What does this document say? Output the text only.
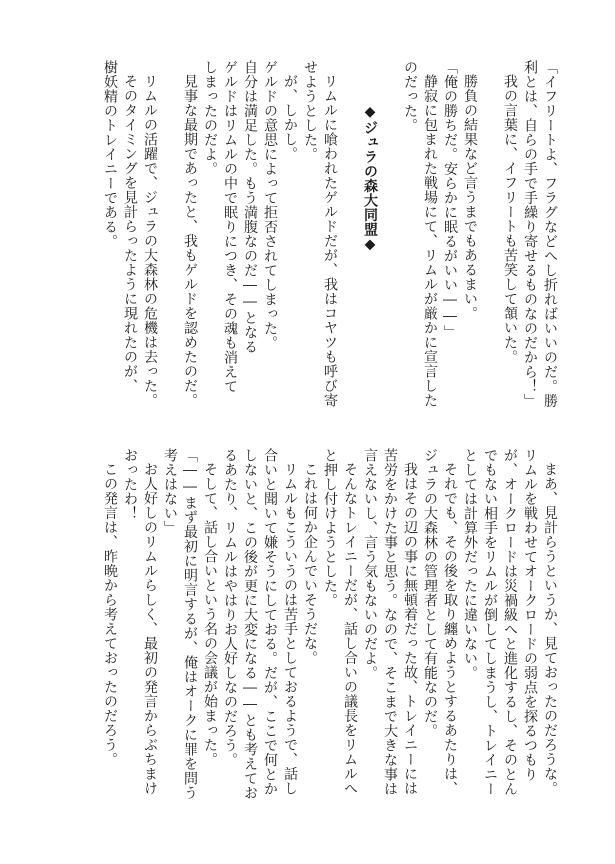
「イフリートよ、フラグなどへし折ればいいのだ。勝
利とは、自らの手で手繰り寄せるものなのだから！」
我の言葉に、イフリートも苦笑して頷いた。

勝負の結果など言うまでもあるまい。
「俺の勝ちだ。安らかに眠るがいい――」
静寂に包まれた戦場にて、リムルが厳かに宣言した
のだった。

◆ジュラの森大同盟◆

リムルに喰われたゲルドだが、我はコヤツも呼び寄
せようとした。
が、しかし。
ゲルドの意思によって拒否されてしまった。
自分は満足した。もう満腹なのだ――となる
ゲルドはリムルの中で眠りにつき、その魂も消えて
しまったのだよ。
見事な最期であったと、我もゲルドを認めたのだ。

リムルの活躍で、ジュラの大森林の危機は去った。
そのタイミングを見計らったように現れたのが、
樹妖精のトレイニーである。
まあ、見計らうというか、見ておったのだろうな。
リムルを戦わせてオークロードの弱点を探るつもり
が、オークロードは災禍級へと進化するし、そのとん
でもない相手をリムルが倒してしまうし、トレイニー
としては計算外だったに違いない。
それでも、その後を取り纏めようとするあたりは、
ジュラの大森林の管理者として有能なのだ。
我はその辺の事に無頓着だった故、トレイニーには
苦労をかけた事と思う。なので、そこまで大きな事は
言えないし、言う気もないのだよ。
そんなトレイニーだが、話し合いの議長をリムルへ
と押し付けようとした。
これは何か企んでいそうだな。
リムルもこういうのは苦手としておるようで、話し
合いと聞いて嫌そうにしておる。だが、ここで何とか
しないと、この後が更に大変になる――とも考えてお
るあたり、リムルはやはりお人好しなのだろう。
そして、話し合いという名の会議が始まった。
「――まず最初に明言するが、俺はオークに罪を問う
考えはない」
お人好しのリムルらしく、最初の発言からぶちまけ
おったわ！
この発言は、昨晩から考えておったのだろう。
